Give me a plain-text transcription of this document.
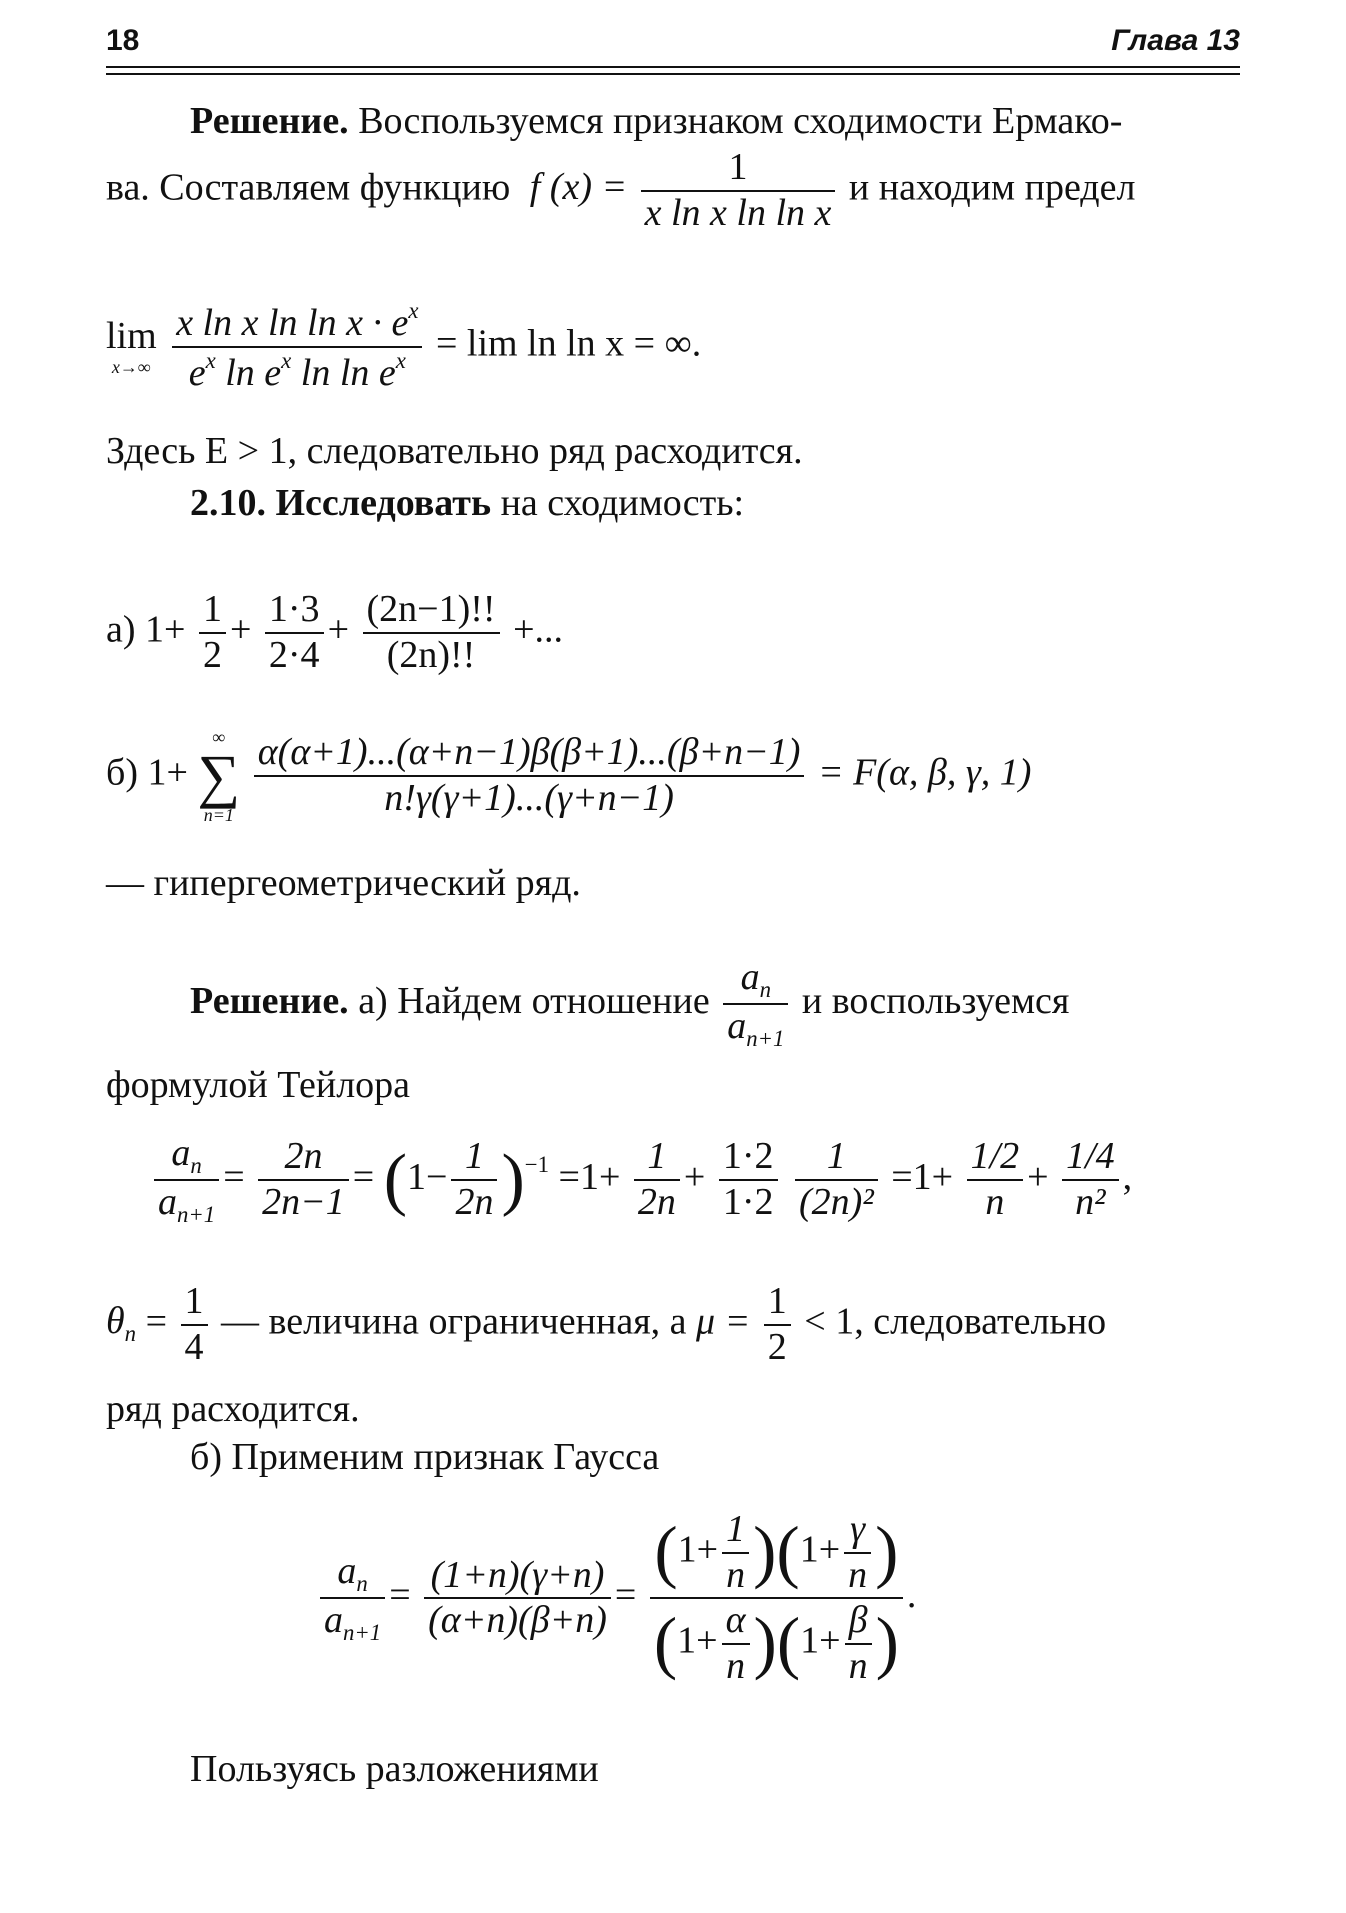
18	Глава 13
Решение. Воспользуемся признаком сходимости Ермако-
ва. Составляем функцию f $(x) = \frac{1}{\text{x ln x ln ln x}}$ и находим предел
lim
x→∞
$\frac{x \ln x \ln \ln x \cdot e^x}{e^x \ln e^x \ln \ln e^x} = \lim \ln \ln x$ = ∞.
Здесь E > 1, следовательно ряд расходится.
2.10. Исследовать на сходимость:
а) $1+ \frac{1}{2} + \frac{1\cdot 3}{2\cdot 4} + \frac{(2n-1)!!}{(2n)!!}$ +...
б) 1+
∞
∑
n=1
$\frac{\alpha(\alpha+1)...(\alpha+n-1)\beta(\beta+1)...(\beta+n-1)}{n!\gamma(\gamma+1)...(\gamma+n-1)} = F(\alpha$, β, γ, 1)
— гипергеометрический ряд.
Решение. а) Найдем отношение $\frac{a_n}{a_{n+1}}$ и воспользуемся
формулой Тейлора
$\frac{a_n}{a_{n+1}} = \frac{2n}{2n-1} = (1- \frac{1}{2n} )^{-1} =1+ \frac{1}{2n} + \frac{1\cdot 2}{1\cdot 2}$
$\frac{1}{\text{(2n)²}} =1+ \frac{1/2}{n} + \frac{1/4}{\text{n²}}$ ,
$\theta_n = \frac{1}{4}$ — величина ограниченная, а $\mu = \frac{1}{2} < 1$, следовательно
ряд расходится.
б) Применим признак Гаусса
$\frac{a_n}{a_{n+1}} = \frac{(1+n)(\gamma+n)}{(\alpha+n)(\beta+n)} = \frac{(1+ \frac{1}{n} )(1+ \frac{\gamma}{n} )}{(1+ \frac{\alpha}{n} )(1+ \frac{\beta}{n} )}$ .
Пользуясь разложениями
